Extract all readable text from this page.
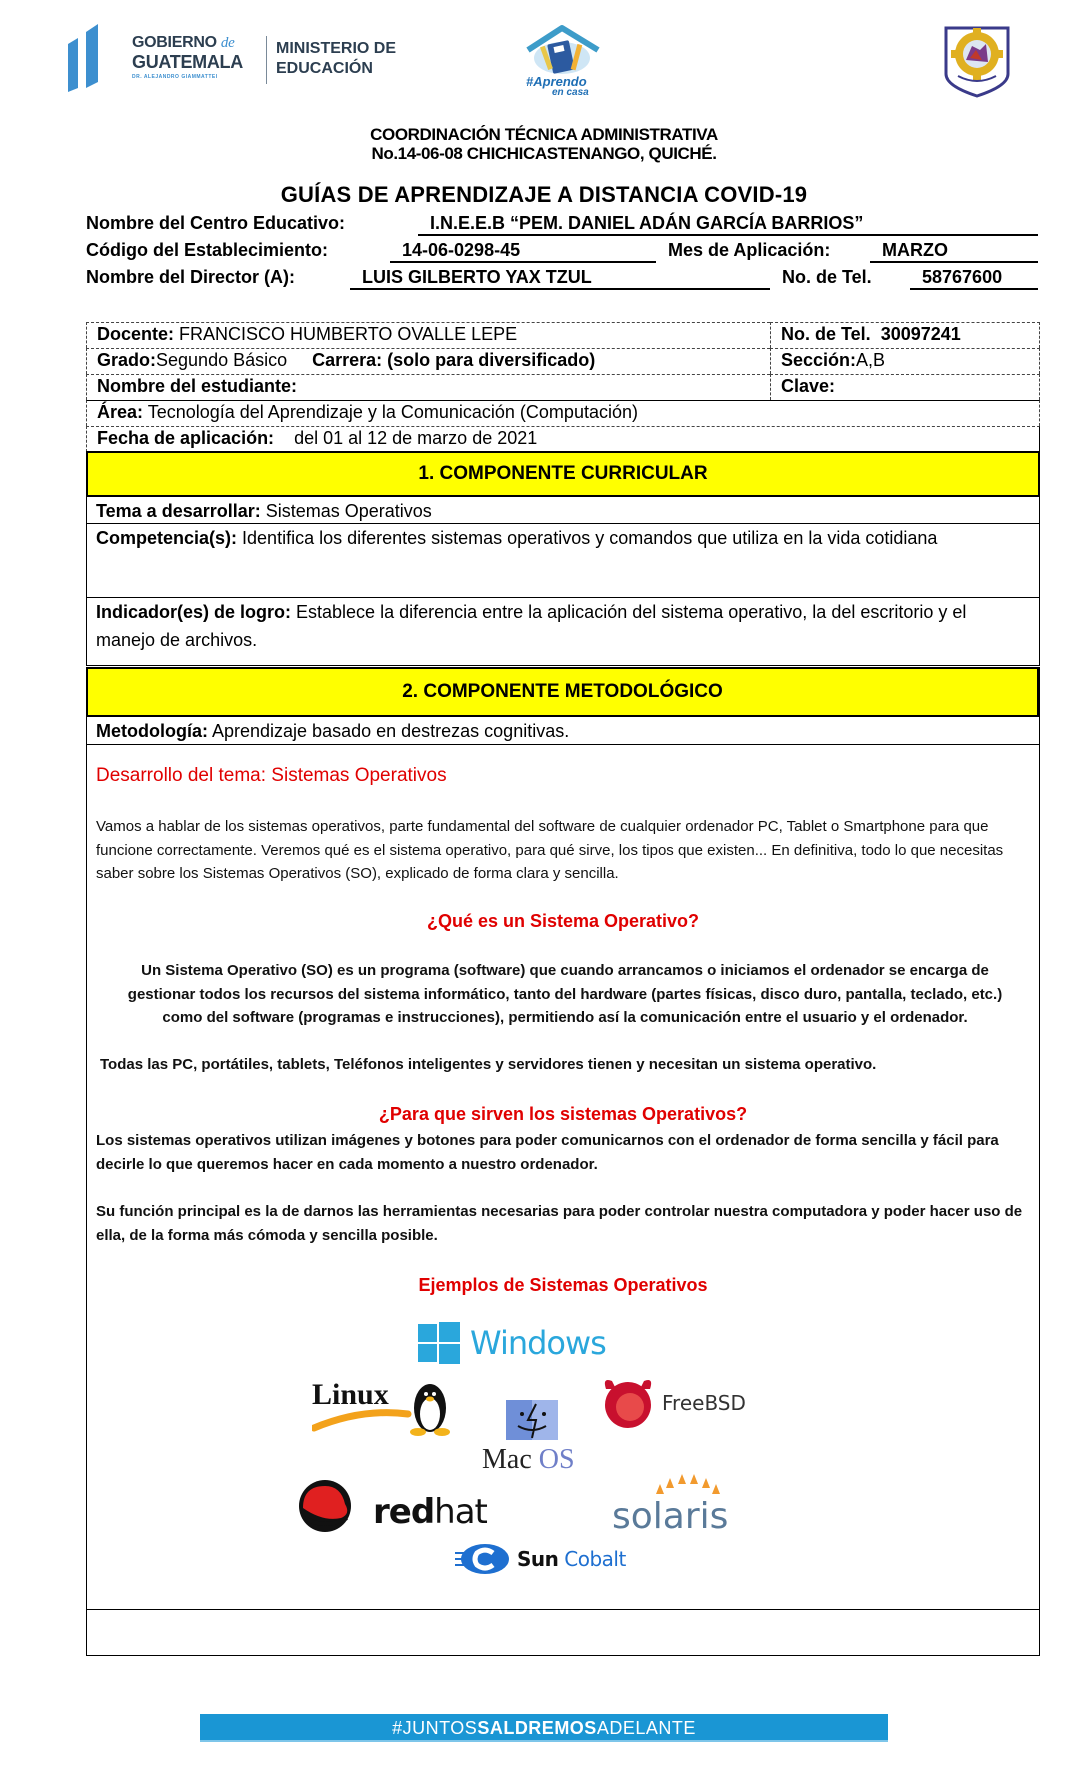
GOBIERNO de
GUATEMALA
DR. ALEJANDRO GIAMMATTEI
MINISTERIO DE
EDUCACIÓN
#Aprendo
en casa
COORDINACIÓN TÉCNICA ADMINISTRATIVA
No.14-06-08 CHICHICASTENANGO, QUICHÉ.
GUÍAS DE APRENDIZAJE A DISTANCIA COVID-19
Nombre del Centro Educativo:	I.N.E.E.B “PEM. DANIEL ADÁN GARCÍA BARRIOS”
Código del Establecimiento:	14-06-0298-45	Mes de Aplicación:	MARZO
Nombre del Director (A):	LUIS GILBERTO YAX TZUL	No. de Tel.	58767600
Docente: FRANCISCO HUMBERTO OVALLE LEPE	No. de Tel. 30097241
Grado:Segundo Básico Carrera: (solo para diversificado)	Sección:A,B
Nombre del estudiante:	Clave:
Área: Tecnología del Aprendizaje y la Comunicación (Computación)
Fecha de aplicación: del 01 al 12 de marzo de 2021
1. COMPONENTE CURRICULAR
Tema a desarrollar: Sistemas Operativos
Competencia(s): Identifica los diferentes sistemas operativos y comandos que utiliza en la vida cotidiana
Indicador(es) de logro: Establece la diferencia entre la aplicación del sistema operativo, la del escritorio y el manejo de archivos.
2. COMPONENTE METODOLÓGICO
Metodología: Aprendizaje basado en destrezas cognitivas.
Desarrollo del tema: Sistemas Operativos
Vamos a hablar de los sistemas operativos, parte fundamental del software de cualquier ordenador PC, Tablet o Smartphone para que funcione correctamente. Veremos qué es el sistema operativo, para qué sirve, los tipos que existen... En definitiva, todo lo que necesitas saber sobre los Sistemas Operativos (SO), explicado de forma clara y sencilla.
¿Qué es un Sistema Operativo?
Un Sistema Operativo (SO) es un programa (software) que cuando arrancamos o iniciamos el ordenador se encarga de gestionar todos los recursos del sistema informático, tanto del hardware (partes físicas, disco duro, pantalla, teclado, etc.) como del software (programas e instrucciones), permitiendo así la comunicación entre el usuario y el ordenador.
Todas las PC, portátiles, tablets, Teléfonos inteligentes y servidores tienen y necesitan un sistema operativo.
¿Para que sirven los sistemas Operativos?
Los sistemas operativos utilizan imágenes y botones para poder comunicarnos con el ordenador de forma sencilla y fácil para decirle lo que queremos hacer en cada momento a nuestro ordenador.
Su función principal es la de darnos las herramientas necesarias para poder controlar nuestra computadora y poder hacer uso de ella, de la forma más cómoda y sencilla posible.
Ejemplos de Sistemas Operativos
Windows
Linux	FreeBSD
Mac OS
redhat	solaris
Sun Cobalt
#JUNTOSSALDREMOSADELANTE
